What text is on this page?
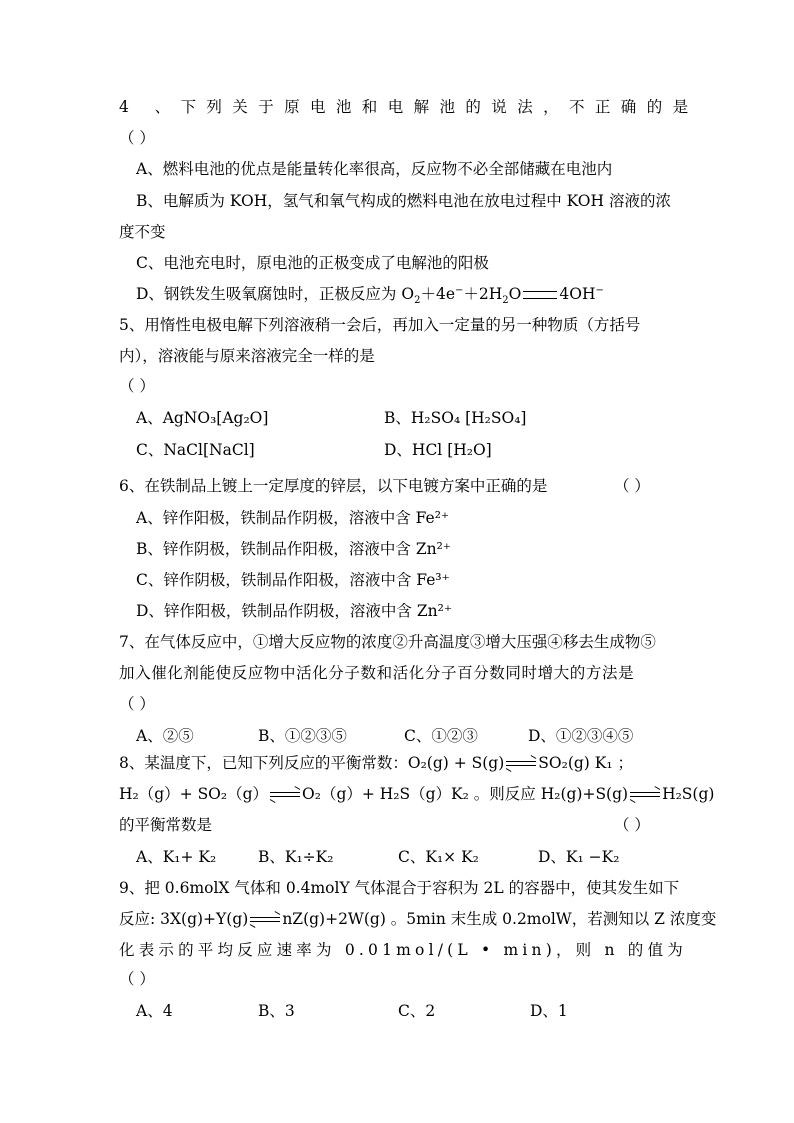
4 、下列关于原电池和电解池的说法，不正确的是
（ ）
A、燃料电池的优点是能量转化率很高，反应物不必全部储藏在电池内
B、电解质为 KOH，氢气和氧气构成的燃料电池在放电过程中 KOH 溶液的浓
度不变
C、电池充电时，原电池的正极变成了电解池的阳极
D、钢铁发生吸氧腐蚀时，正极反应为 $O_2+4e^-+2H_2O$ 4OH−
5、用惰性电极电解下列溶液稍一会后，再加入一定量的另一种物质（方括号
内），溶液能与原来溶液完全一样的是
（ ）
A、AgNO₃[Ag₂O]	B、H₂SO₄ [H₂SO₄]
C、NaCl[NaCl]	D、HCl [H₂O]
6、在铁制品上镀上一定厚度的锌层，以下电镀方案中正确的是	（ ）
A、锌作阳极，铁制品作阴极，溶液中含 Fe²⁺
B、锌作阴极，铁制品作阳极，溶液中含 Zn²⁺
C、锌作阴极，铁制品作阳极，溶液中含 Fe³⁺
D、锌作阳极，铁制品作阴极，溶液中含 Zn²⁺
7、在气体反应中，①增大反应物的浓度②升高温度③增大压强④移去生成物⑤
加入催化剂能使反应物中活化分子数和活化分子百分数同时增大的方法是
（ ）
A、②⑤	B、①②③⑤	C、①②③	D、①②③④⑤
8、某温度下，已知下列反应的平衡常数：O₂(g) + S(g) SO₂(g) K₁ ；
H₂（g）+ SO₂（g） O₂（g）+ H₂S（g）K₂ 。则反应 H₂(g)+S(g) H₂S(g)
的平衡常数是	（ ）
A、K₁+ K₂	B、K₁÷K₂	C、K₁× K₂	D、K₁ −K₂
9、把 0.6molX 气体和 0.4molY 气体混合于容积为 2L 的容器中，使其发生如下
反应: 3X(g)+Y(g) nZ(g)+2W(g) 。5min 末生成 0.2molW，若测知以 Z 浓度变
化表示的平均反应速率为 0.01mol/(L • min)，则 n 的值为
（ ）
A、4	B、3	C、2	D、1
